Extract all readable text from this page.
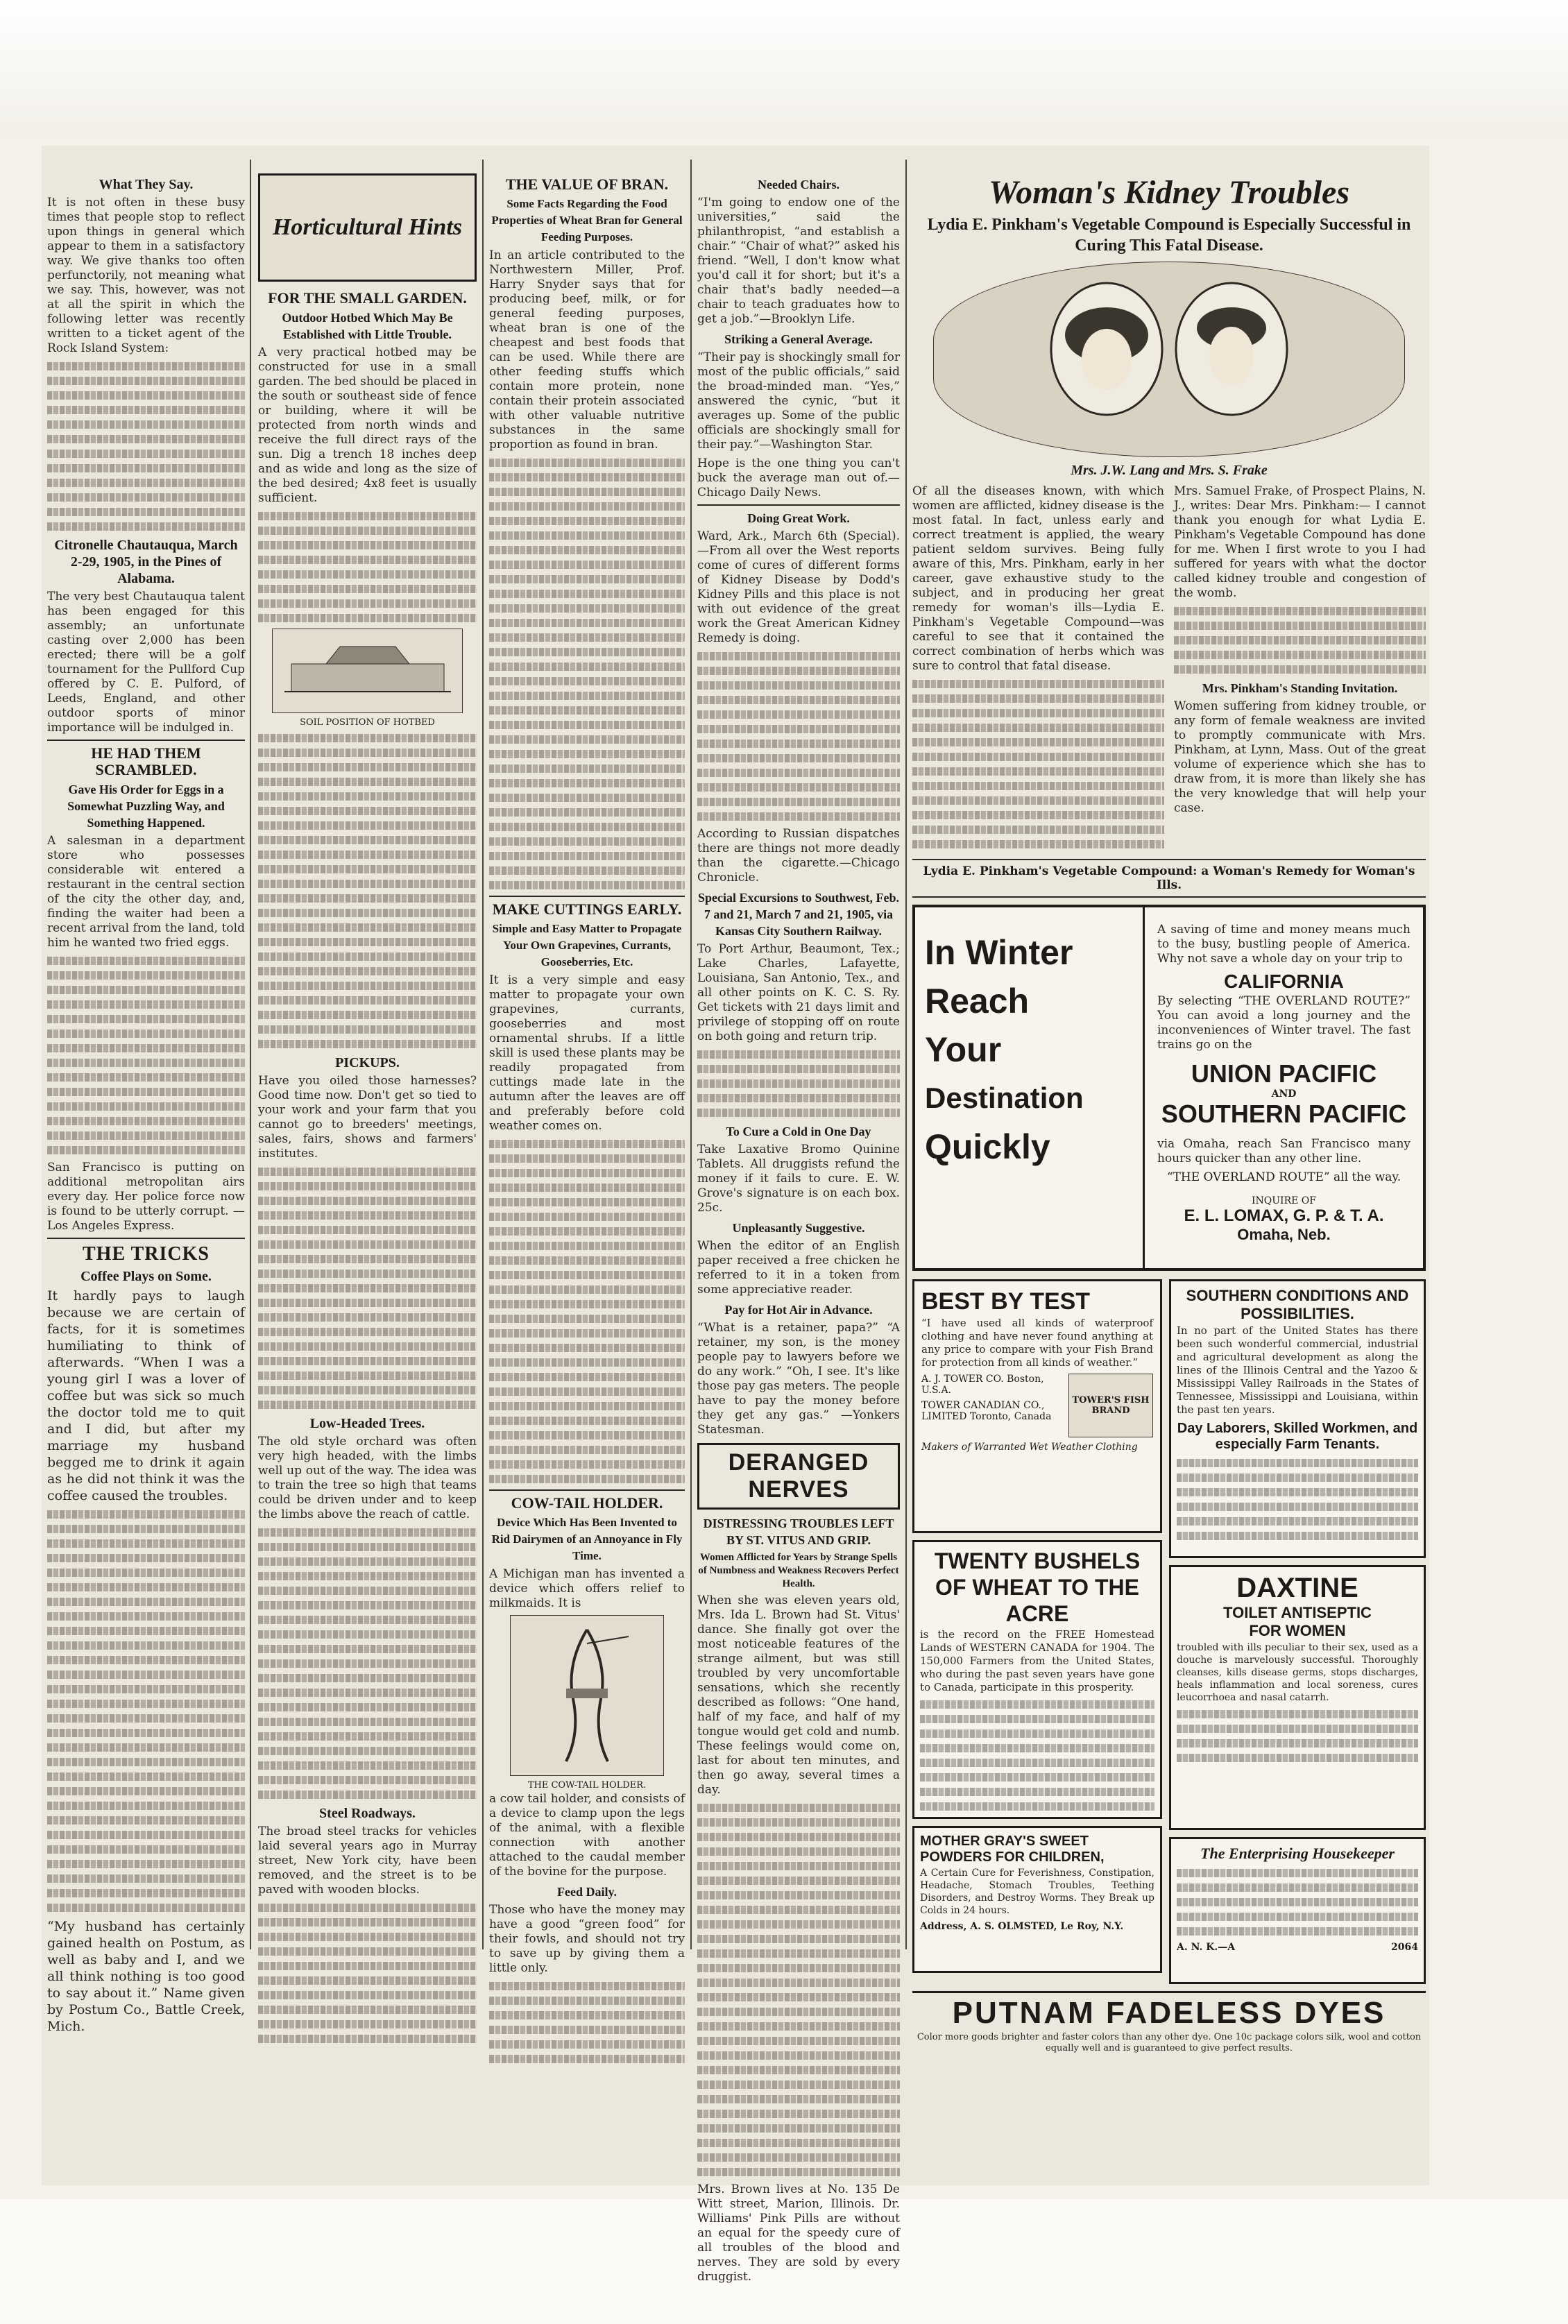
What They Say.

It is not often in these busy times that people stop to reflect upon things in general which appear to them in a satisfactory way. We give thanks too often perfunctorily, not meaning what we say. This, however, was not at all the spirit in which the following letter was recently written to a ticket agent of the Rock Island System:

Citronelle Chautauqua, March 2-29, 1905, in the Pines of Alabama.

The very best Chautauqua talent has been engaged for this assembly; an unfortunate casting over 2,000 has been erected; there will be a golf tournament for the Pullford Cup offered by C. E. Pulford, of Leeds, England, and other outdoor sports of minor importance will be indulged in.

HE HAD THEM SCRAMBLED.
Gave His Order for Eggs in a Somewhat Puzzling Way, and Something Happened.

A salesman in a department store who possesses considerable wit entered a restaurant in the central section of the city the other day, and, finding the waiter had been a recent arrival from the land, told him he wanted two fried eggs.

San Francisco is putting on additional metropolitan airs every day. Her police force now is found to be utterly corrupt. —Los Angeles Express.

THE TRICKS
Coffee Plays on Some.

It hardly pays to laugh because we are certain of facts, for it is sometimes humiliating to think of afterwards. “When I was a young girl I was a lover of coffee but was sick so much the doctor told me to quit and I did, but after my marriage my husband begged me to drink it again as he did not think it was the coffee caused the troubles.

“My husband has certainly gained health on Postum, as well as baby and I, and we all think nothing is too good to say about it.” Name given by Postum Co., Battle Creek, Mich.

Horticultural Hints
FOR THE SMALL GARDEN.
Outdoor Hotbed Which May Be Established with Little Trouble.

A very practical hotbed may be constructed for use in a small garden. The bed should be placed in the south or southeast side of fence or building, where it will be protected from north winds and receive the full direct rays of the sun. Dig a trench 18 inches deep and as wide and long as the size of the bed desired; 4x8 feet is usually sufficient.

SOIL POSITION OF HOTBED
PICKUPS.

Have you oiled those harnesses? Good time now. Don't get so tied to your work and your farm that you cannot go to breeders' meetings, sales, fairs, shows and farmers' institutes.

Low-Headed Trees.

The old style orchard was often very high headed, with the limbs well up out of the way. The idea was to train the tree so high that teams could be driven under and to keep the limbs above the reach of cattle.

Steel Roadways.

The broad steel tracks for vehicles laid several years ago in Murray street, New York city, have been removed, and the street is to be paved with wooden blocks.

THE VALUE OF BRAN.
Some Facts Regarding the Food Properties of Wheat Bran for General Feeding Purposes.

In an article contributed to the Northwestern Miller, Prof. Harry Snyder says that for producing beef, milk, or for general feeding purposes, wheat bran is one of the cheapest and best foods that can be used. While there are other feeding stuffs which contain more protein, none contain their protein associated with other valuable nutritive substances in the same proportion as found in bran.

MAKE CUTTINGS EARLY.
Simple and Easy Matter to Propagate Your Own Grapevines, Currants, Gooseberries, Etc.

It is a very simple and easy matter to propagate your own grapevines, currants, gooseberries and most ornamental shrubs. If a little skill is used these plants may be readily propagated from cuttings made late in the autumn after the leaves are off and preferably before cold weather comes on.

COW-TAIL HOLDER.
Device Which Has Been Invented to Rid Dairymen of an Annoyance in Fly Time.

A Michigan man has invented a device which offers relief to milkmaids. It is

THE COW-TAIL HOLDER.

a cow tail holder, and consists of a device to clamp upon the legs of the animal, with a flexible connection with another attached to the caudal member of the bovine for the purpose.

Feed Daily.

Those who have the money may have a good “green food” for their fowls, and should not try to save up by giving them a little only.

Needed Chairs.

“I'm going to endow one of the universities,” said the philanthropist, “and establish a chair.” “Chair of what?” asked his friend. “Well, I don't know what you'd call it for short; but it's a chair that's badly needed—a chair to teach graduates how to get a job.”—Brooklyn Life.

Striking a General Average.

“Their pay is shockingly small for most of the public officials,” said the broad-minded man. “Yes,” answered the cynic, “but it averages up. Some of the public officials are shockingly small for their pay.”—Washington Star.

Hope is the one thing you can't buck the average man out of.—Chicago Daily News.

Doing Great Work.

Ward, Ark., March 6th (Special).—From all over the West reports come of cures of different forms of Kidney Disease by Dodd's Kidney Pills and this place is not with out evidence of the great work the Great American Kidney Remedy is doing.

According to Russian dispatches there are things not more deadly than the cigarette.—Chicago Chronicle.

Special Excursions to Southwest, Feb. 7 and 21, March 7 and 21, 1905, via Kansas City Southern Railway.

To Port Arthur, Beaumont, Tex.; Lake Charles, Lafayette, Louisiana, San Antonio, Tex., and all other points on K. C. S. Ry. Get tickets with 21 days limit and privilege of stopping off on route on both going and return trip.

To Cure a Cold in One Day

Take Laxative Bromo Quinine Tablets. All druggists refund the money if it fails to cure. E. W. Grove's signature is on each box. 25c.

Unpleasantly Suggestive.

When the editor of an English paper received a free chicken he referred to it in a token from some appreciative reader.

Pay for Hot Air in Advance.

“What is a retainer, papa?” “A retainer, my son, is the money people pay to lawyers before we do any work.” “Oh, I see. It's like those pay gas meters. The people have to pay the money before they get any gas.” —Yonkers Statesman.

DERANGED NERVES
DISTRESSING TROUBLES LEFT BY ST. VITUS AND GRIP.
Women Afflicted for Years by Strange Spells of Numbness and Weakness Recovers Perfect Health.

When she was eleven years old, Mrs. Ida L. Brown had St. Vitus' dance. She finally got over the most noticeable features of the strange ailment, but was still troubled by very uncomfortable sensations, which she recently described as follows: “One hand, half of my face, and half of my tongue would get cold and numb. These feelings would come on, last for about ten minutes, and then go away, several times a day.

Mrs. Brown lives at No. 135 De Witt street, Marion, Illinois. Dr. Williams' Pink Pills are without an equal for the speedy cure of all troubles of the blood and nerves. They are sold by every druggist.

Woman's Kidney Troubles
Lydia E. Pinkham's Vegetable Compound is Especially Successful in Curing This Fatal Disease.
Mrs. J.W. Lang and Mrs. S. Frake

Of all the diseases known, with which women are afflicted, kidney disease is the most fatal. In fact, unless early and correct treatment is applied, the weary patient seldom survives. Being fully aware of this, Mrs. Pinkham, early in her career, gave exhaustive study to the subject, and in producing her great remedy for woman's ills—Lydia E. Pinkham's Vegetable Compound—was careful to see that it contained the correct combination of herbs which was sure to control that fatal disease.

Mrs. Samuel Frake, of Prospect Plains, N. J., writes: Dear Mrs. Pinkham:— I cannot thank you enough for what Lydia E. Pinkham's Vegetable Compound has done for me. When I first wrote to you I had suffered for years with what the doctor called kidney trouble and congestion of the womb.

Mrs. Pinkham's Standing Invitation.

Women suffering from kidney trouble, or any form of female weakness are invited to promptly communicate with Mrs. Pinkham, at Lynn, Mass. Out of the great volume of experience which she has to draw from, it is more than likely she has the very knowledge that will help your case.

Lydia E. Pinkham's Vegetable Compound: a Woman's Remedy for Woman's Ills.
In Winter
Reach
Your
Destination
Quickly

A saving of time and money means much to the busy, bustling people of America. Why not save a whole day on your trip to

CALIFORNIA

By selecting “THE OVERLAND ROUTE?” You can avoid a long journey and the inconveniences of Winter travel. The fast trains go on the

UNION PACIFIC
AND
SOUTHERN PACIFIC

via Omaha, reach San Francisco many hours quicker than any other line.

“THE OVERLAND ROUTE” all the way.
INQUIRE OF
E. L. LOMAX, G. P. & T. A.
Omaha, Neb.
BEST BY TEST

“I have used all kinds of waterproof clothing and have never found anything at any price to compare with your Fish Brand for protection from all kinds of weather.”

A. J. TOWER CO. Boston, U.S.A.
TOWER CANADIAN CO., LIMITED Toronto, Canada
TOWER'S FISH BRAND
Makers of Warranted Wet Weather Clothing
TWENTY BUSHELS OF WHEAT TO THE ACRE

is the record on the FREE Homestead Lands of WESTERN CANADA for 1904. The 150,000 Farmers from the United States, who during the past seven years have gone to Canada, participate in this prosperity.

MOTHER GRAY'S SWEET POWDERS FOR CHILDREN,

A Certain Cure for Feverishness, Constipation, Headache, Stomach Troubles, Teething Disorders, and Destroy Worms. They Break up Colds in 24 hours.

Address, A. S. OLMSTED, Le Roy, N.Y.
SOUTHERN CONDITIONS AND POSSIBILITIES.

In no part of the United States has there been such wonderful commercial, industrial and agricultural development as along the lines of the Illinois Central and the Yazoo & Mississippi Valley Railroads in the States of Tennessee, Mississippi and Louisiana, within the past ten years.

Day Laborers, Skilled Workmen, and especially Farm Tenants.
DAXTINE
TOILET ANTISEPTIC
FOR WOMEN

troubled with ills peculiar to their sex, used as a douche is marvelously successful. Thoroughly cleanses, kills disease germs, stops discharges, heals inflammation and local soreness, cures leucorrhoea and nasal catarrh.

The Enterprising Housekeeper
A. N. K.—A	2064
PUTNAM FADELESS DYES

Color more goods brighter and faster colors than any other dye. One 10c package colors silk, wool and cotton equally well and is guaranteed to give perfect results.
